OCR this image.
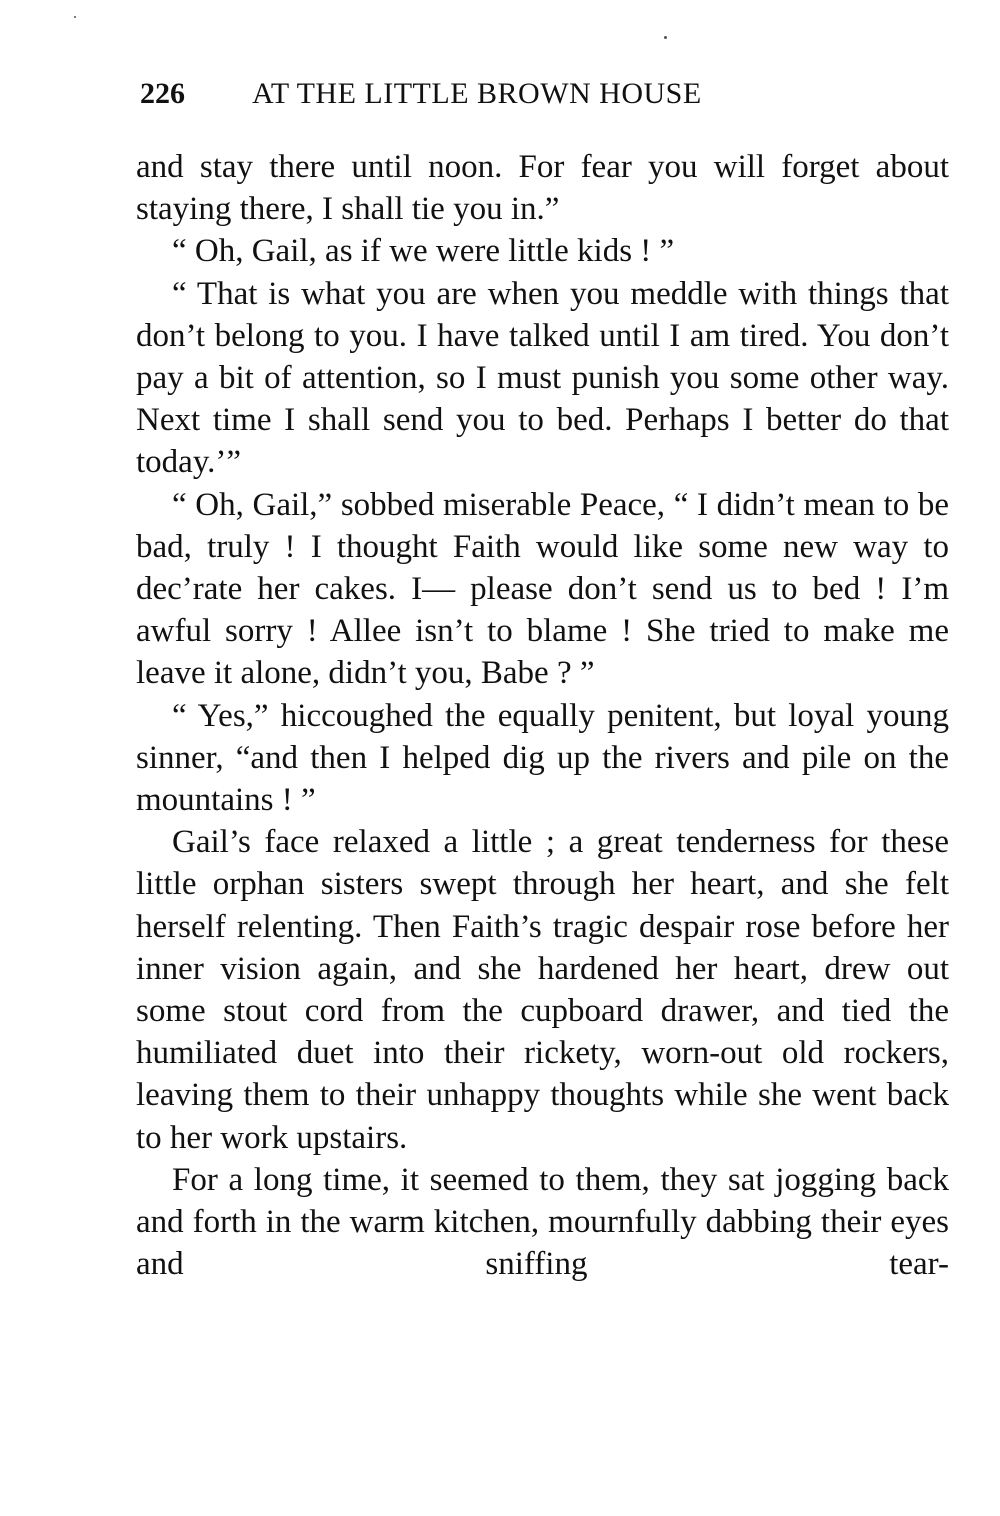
226 AT THE LITTLE BROWN HOUSE

and stay there until noon. For fear you will forget about staying there, I shall tie you in.”

“ Oh, Gail, as if we were little kids ! ”

“ That is what you are when you meddle with things that don’t belong to you. I have talked until I am tired. You don’t pay a bit of attention, so I must punish you some other way. Next time I shall send you to bed. Perhaps I better do that today.’”

“ Oh, Gail,” sobbed miserable Peace, “ I didn’t mean to be bad, truly ! I thought Faith would like some new way to dec’rate her cakes. I— please don’t send us to bed ! I’m awful sorry ! Allee isn’t to blame ! She tried to make me leave it alone, didn’t you, Babe ? ”

“ Yes,” hiccoughed the equally penitent, but loyal young sinner, “and then I helped dig up the rivers and pile on the mountains ! ”

Gail’s face relaxed a little ; a great tenderness for these little orphan sisters swept through her heart, and she felt herself relenting. Then Faith’s tragic despair rose before her inner vision again, and she hardened her heart, drew out some stout cord from the cupboard drawer, and tied the humiliated duet into their rickety, worn-out old rockers, leaving them to their unhappy thoughts while she went back to her work upstairs.

For a long time, it seemed to them, they sat jogging back and forth in the warm kitchen, mournfully dabbing their eyes and sniffing tear-
